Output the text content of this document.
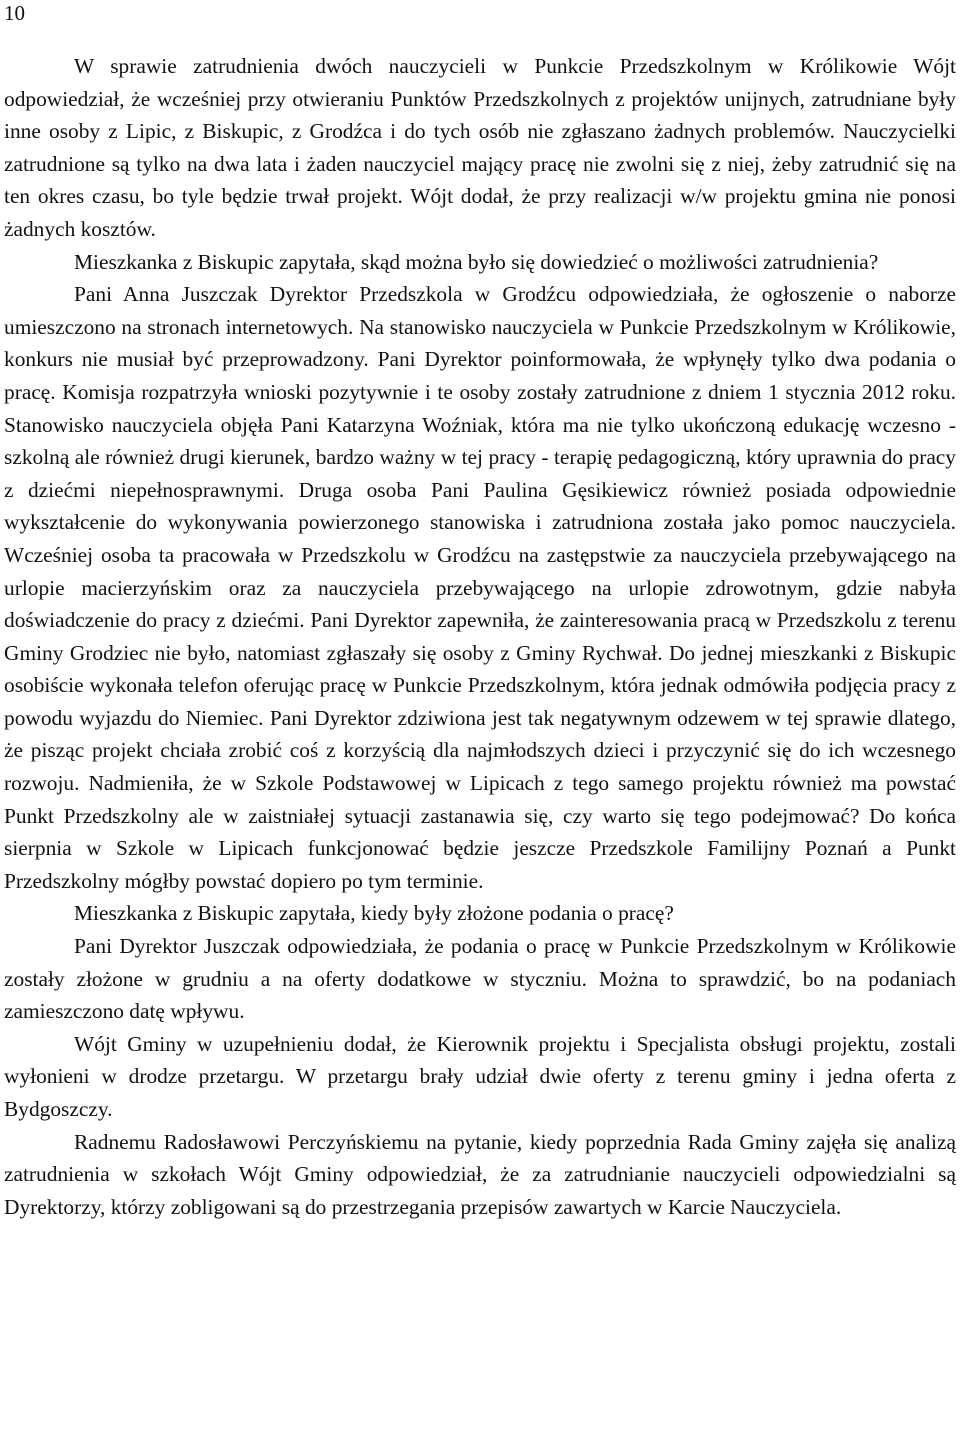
10

W sprawie zatrudnienia dwóch nauczycieli w Punkcie Przedszkolnym w Królikowie Wójt odpowiedział, że wcześniej przy otwieraniu Punktów Przedszkolnych z projektów unijnych, zatrudniane były inne osoby z Lipic, z Biskupic, z Grodźca i do tych osób nie zgłaszano żadnych problemów. Nauczycielki zatrudnione są tylko na dwa lata i żaden nauczyciel mający pracę nie zwolni się z niej, żeby zatrudnić się na ten okres czasu, bo tyle będzie trwał projekt. Wójt dodał, że przy realizacji w/w projektu gmina nie ponosi żadnych kosztów.

Mieszkanka z Biskupic zapytała, skąd można było się dowiedzieć o możliwości zatrudnienia?

Pani Anna Juszczak Dyrektor Przedszkola w Grodźcu odpowiedziała, że ogłoszenie o naborze umieszczono na stronach internetowych. Na stanowisko nauczyciela w Punkcie Przedszkolnym w Królikowie, konkurs nie musiał być przeprowadzony. Pani Dyrektor poinformowała, że wpłynęły tylko dwa podania o pracę. Komisja rozpatrzyła wnioski pozytywnie i te osoby zostały zatrudnione z dniem 1 stycznia 2012 roku. Stanowisko nauczyciela objęła Pani Katarzyna Woźniak, która ma nie tylko ukończoną edukację wczesno - szkolną ale również drugi kierunek, bardzo ważny w tej pracy - terapię pedagogiczną, który uprawnia do pracy z dziećmi niepełnosprawnymi. Druga osoba Pani Paulina Gęsikiewicz również posiada odpowiednie wykształcenie do wykonywania powierzonego stanowiska i zatrudniona została jako pomoc nauczyciela. Wcześniej osoba ta pracowała w Przedszkolu w Grodźcu na zastępstwie za nauczyciela przebywającego na urlopie macierzyńskim oraz za nauczyciela przebywającego na urlopie zdrowotnym, gdzie nabyła doświadczenie do pracy z dziećmi. Pani Dyrektor zapewniła, że zainteresowania pracą w Przedszkolu z terenu Gminy Grodziec nie było, natomiast zgłaszały się osoby z Gminy Rychwał. Do jednej mieszkanki z Biskupic osobiście wykonała telefon oferując pracę w Punkcie Przedszkolnym, która jednak odmówiła podjęcia pracy z powodu wyjazdu do Niemiec. Pani Dyrektor zdziwiona jest tak negatywnym odzewem w tej sprawie dlatego, że pisząc projekt chciała zrobić coś z korzyścią dla najmłodszych dzieci i przyczynić się do ich wczesnego rozwoju. Nadmieniła, że w Szkole Podstawowej w Lipicach z tego samego projektu również ma powstać Punkt Przedszkolny ale w zaistniałej sytuacji zastanawia się, czy warto się tego podejmować? Do końca sierpnia w Szkole w Lipicach funkcjonować będzie jeszcze Przedszkole Familijny Poznań a Punkt Przedszkolny mógłby powstać dopiero po tym terminie.

Mieszkanka z Biskupic zapytała, kiedy były złożone podania o pracę?

Pani Dyrektor Juszczak odpowiedziała, że podania o pracę w Punkcie Przedszkolnym w Królikowie zostały złożone w grudniu a na oferty dodatkowe w styczniu. Można to sprawdzić, bo na podaniach zamieszczono datę wpływu.

Wójt Gminy w uzupełnieniu dodał, że Kierownik projektu i Specjalista obsługi projektu, zostali wyłonieni w drodze przetargu. W przetargu brały udział dwie oferty z terenu gminy i jedna oferta z Bydgoszczy.

Radnemu Radosławowi Perczyńskiemu na pytanie, kiedy poprzednia Rada Gminy zajęła się analizą zatrudnienia w szkołach Wójt Gminy odpowiedział, że za zatrudnianie nauczycieli odpowiedzialni są Dyrektorzy, którzy zobligowani są do przestrzegania przepisów zawartych w Karcie Nauczyciela.
